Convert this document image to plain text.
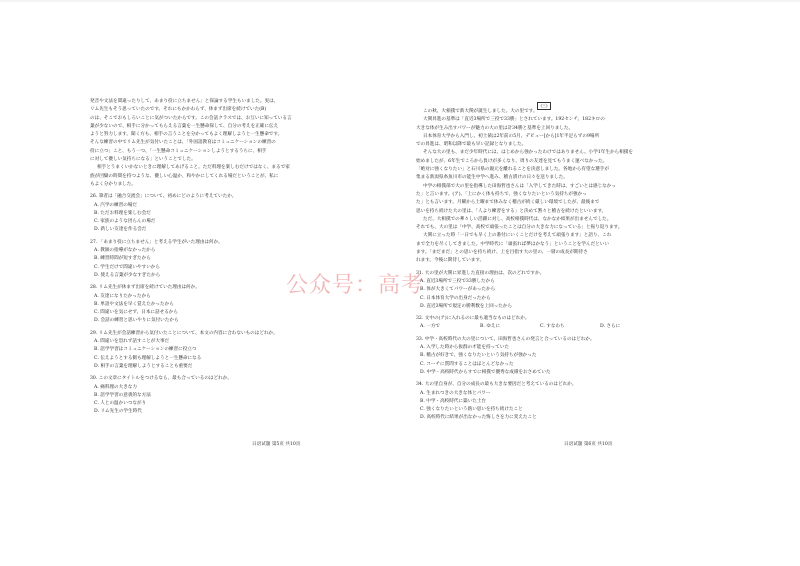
発音や文法を間違ったりして、あまり役に立ちません」と探論する学生もいました。実は、
リム先生もそう思っていたのです。それにもかかわらず、休まず出席を続けていた(B)
のは、そこでおもしろいことに気がついたからです。この会話クラスでは、お互いに知っている言
葉が少ないので、相手に分かってもらえる言葉を一生懸命探して、自分の考えを正確に伝え
ようと努力します。聞く方も、相手の言うことを分かってもよく理解しようと一生懸命です。
そんな練習の中でリム先生が気付いたことは、「外国語教育はコミュニケーションの練習の
役に立つ」こと、もう一つ、「一生懸命コミュニケーションしようとするうちに、相手
に対して優しい気持ちになる」ということでした。
相手とうまくいかないときに理解してあげること。ただ料理を楽しむだけではなく、まるで家
族が団欒の時間を持つような、優しい心温か、和やかにしてくれる場だということが、私に
もよく分かりました。
26. 筆者は「融合交流会」について、初めにどのように考えていたか。
A. 汽学の練習の場だ
B. ただお料理を楽しむ会だ
C. 家族のような団らんの場だ
D. 新しい友達を作る会だ
27. 「あまり役に立ちません」と考える学生がいた理由は何か。
A. 教師の指導がなかったから
B. 練習時間が短すぎたから
C. 学生だけで間違いやすいから
D. 使える言葉が少なすぎたから
28. リム先生が休まず出席を続けていた理由は何か。
A. 友達になりたかったから
B. 単語や文法を早く覚えたかったから
C. 間違いを気にせず、日本に話せるから
D. 会話の練習と思いやりに気付いたから
29. リム先生が会話練習から気付いたことについて、本文の内容に合わないものはどれか。
A. 間違いを恐れず話すことが大事だ
B. 語学学習はコミュニケーションの練習に役立つ
C. 伝えようとする側も理解しようと一生懸命になる
D. 相手の言葉を理解しようとすることも重要だ
30. この文章にタイトルをつけるなら、最も合っているのはどれか。
A. 痛料理の大きな力
B. 語学学習の意義的な方法
C. 人との温かいつながり
D. リム先生の学生時代
日语试题 第5页 共10页
(三)
この秋、大相撲で新大関が誕生しました。大の里です。
大関昇進の基準は「直近3場所で三役で33勝」とされています。192センチ、182キロの
大きな体が生み出すパワーが魅力の大の里は計34勝と基準を上回りました。
日本体育大学から入門し、初土俵は2年前の5月、デビュー[から]1年半足らずの9場所
での昇進は、昭和以降で最も早い記録となりました。
そんな大の里も、まだ少年時代には、はじめから強かったわけではありません。小学1年生から相撲を
始めましたが、6年生でころから負けが多くなり、周りの友達を見てもうまく運べなかった。
「絶対に強くなりたい」と石川県の親元を離れることを決意しました。各地から有望な選手が
集まる新潟県糸魚川市の能生中学へ進み、稽古漬けの日々を送りました。
中学の相撲部で大の里を指導した田海哲也さんは「入学してきた時は、すごいとは感じなかっ
た」と言います。(ア)、「上にかく体も持ちで、強くなりたいという気持ちが強かっ
た」とも言います。月曜から土曜まで休みなく稽古が続く厳しい環境でしたが、最後まで
思いを持ち続けた大の里は、「人より練習をする」と決めて黙々と稽古を続けたといいます。
ただ、大相撲での華々しい活躍に対し、高校相撲時代は、なかなか結果が出ませんでした。
それでも、大の里は「中学、高校で頑張ったことは自分の大きな力になっている」と振り返ります。
大関に立った時「一日でも早く上の番付にいくことだけを考えて頑張ります」と語り、これ
まで全力を尽くしてきました。中学時代に「頑張れば夢はかなう」ということを学んだといい
ます。「まだまだ」との思いを持ち続け、上を目指す大の里の、一層の成長が期待さ
れます。今後に期待しています。
31. 大の里が大関に昇進した直接の理由は、次のどれですか。
A. 直近3場所で三役で33勝したから
B. 体が大きくてパワーがあったから
C. 日本体育大学の出身だったから
D. 直近3場所で規定の勝利数を上回ったから
32. 文中の(ア)に入れるのに最も適当なものはどれか。
A. 一方で	B. ゆえに	C. すなわち	D. さらに
33. 中学・高校時代の大の里について、田海哲也さんの発言と合っているのはどれか。
A. 入学した時から抜群の才能を持っていた
B. 稽古が好きで、強くなりたいという気持ちが強かった
C. コーチに質問することはほとんどなかった
D. 中学・高校時代からすでに相撲で優秀な成績をおさめていた
34. 大の里自身が、自分の成長の最も大きな要因だと考えているのはどれか。
A. 生まれつきの大きな体とパワー
B. 中学・高校時代に築いた土台
C. 強くなりたいという熱い思いを持ち続けたこと
D. 高校時代に結果が出なかった悔しさを力に変えたこと
日语试题 第6页 共10页
公众号：高考
